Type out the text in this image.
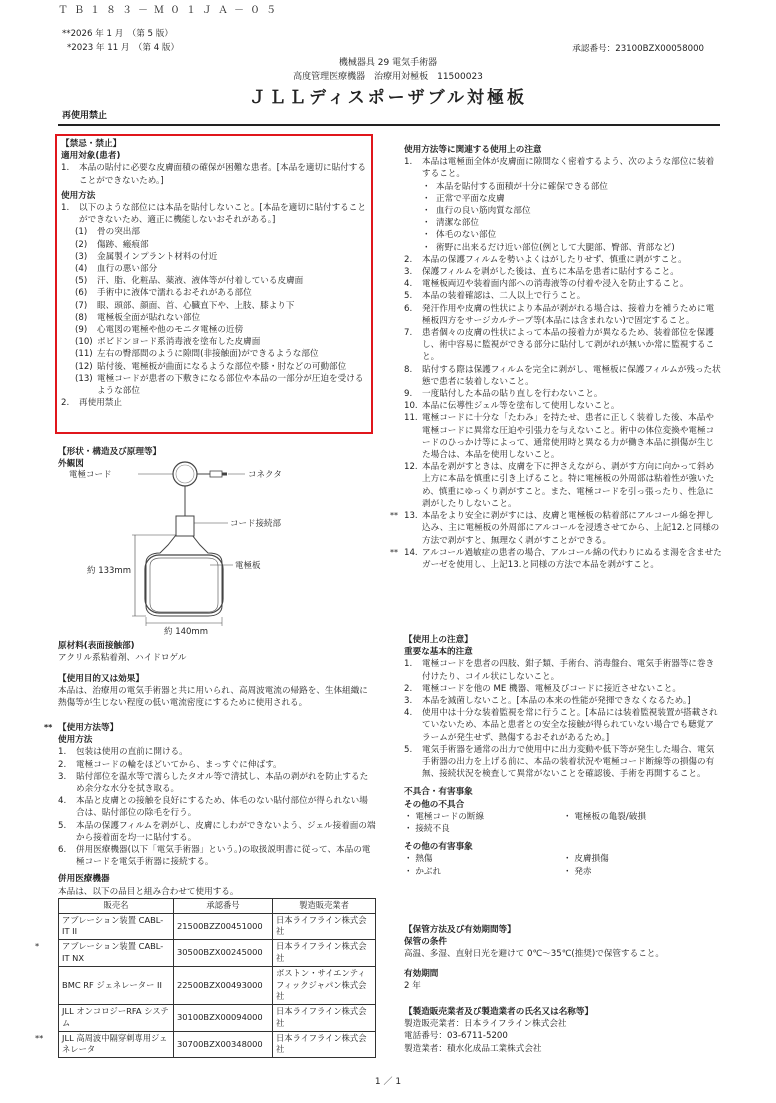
ＴＢ１８３－Ｍ０１ＪＡ－０５
**2026 年 1 月　 （第 5 版）
*2023 年 11 月　 （第 4 版）	承認番号：23100BZX00058000
機械器具 29 電気手術器
高度管理医療機器　治療用対極板　11500023
ＪＬＬディスポーザブル対極板
再使用禁止
【禁忌・禁止】
適用対象(患者)
1.	本品の貼付に必要な皮膚面積の確保が困難な患者。[本品を適切に貼付することができないため。]
使用方法
1.	以下のような部位には本品を貼付しないこと。[本品を適切に貼付することができないため、適正に機能しないおそれがある。]
(1)	骨の突出部
(2)	傷跡、瘢痕部
(3)	金属製インプラント材料の付近
(4)	血行の悪い部分
(5)	汗、脂、化粧品、薬液、液体等が付着している皮膚面
(6)	手術中に液体で濡れるおそれがある部位
(7)	眼、頭部、顔面、首、心臓直下や、上肢、膝より下
(8)	電極板全面が貼れない部位
(9)	心電図の電極や他のモニタ電極の近傍
(10) ポビドンヨード系消毒液を塗布した皮膚面
(11) 左右の臀部間のように隙間(非接触面)ができるような部位
(12) 貼付後、電極板が曲面になるような部位や膝・肘などの可動部位
(13) 電極コードが患者の下敷きになる部位や本品の一部分が圧迫を受けるような部位
2.	再使用禁止
【形状・構造及び原理等】
外観図
電極コード	コネクタ
コード接続部
電極板
約 133mm
約 140mm
原材料(表面接触部)
アクリル系粘着剤、ハイドロゲル
【使用目的又は効果】
本品は、治療用の電気手術器と共に用いられ、高周波電流の帰路を、生体組織に熱傷等が生じない程度の低い電流密度にするために使用される。
** 【使用方法等】
使用方法
1.	包装は使用の直前に開ける。
2.	電極コードの輪をほどいてから、まっすぐに伸ばす。
3.	貼付部位を温水等で濡らしたタオル等で清拭し、本品の剥がれを防止するため余分な水分を拭き取る。
4.	本品と皮膚との接触を良好にするため、体毛のない貼付部位が得られない場合は、貼付部位の除毛を行う。
5.	本品の保護フィルムを剥がし、皮膚にしわができないよう、ジェル接着面の端から接着面を均一に貼付する。
6.	併用医療機器(以下「電気手術器」という。)の取扱説明書に従って、本品の電極コードを電気手術器に接続する。
併用医療機器
本品は、以下の品目と組み合わせて使用する。
販売名	承認番号	製造販売業者
アブレーション装置 CABL-IT II	21500BZZ00451000	日本ライフライン株式会社

* アブレーション装置 CABL-IT NX	30500BZX00245000	日本ライフライン株式会社
BMC RF ジェネレーター II	22500BZX00493000	ボストン・サイエンティフィックジャパン株式会社
JLL オンコロジーRFA システム	30100BZX00094000	日本ライフライン株式会社

** JLL 高周波中隔穿刺専用ジェネレータ	30700BZX00348000	日本ライフライン株式会社
使用方法等に関連する使用上の注意
1.	本品は電極面全体が皮膚面に隙間なく密着するよう、次のような部位に装着すること。
・ 本品を貼付する面積が十分に確保できる部位
・ 正常で平面な皮膚
・ 血行の良い筋肉質な部位
・ 清潔な部位
・ 体毛のない部位
・ 術野に出来るだけ近い部位(例として大腿部、臀部、背部など)
2.	本品の保護フィルムを勢いよくはがしたりせず、慎重に剥がすこと。
3.	保護フィルムを剥がした後は、直ちに本品を患者に貼付すること。
4.	電極板両辺や装着面内部への消毒液等の付着や浸入を防止すること。
5.	本品の装着確認は、二人以上で行うこと。
6.	発汗作用や皮膚の性状により本品が剥がれる場合は、接着力を補うために電極板四方をサージカルテープ等(本品には含まれない)で固定すること。
7.	患者個々の皮膚の性状によって本品の接着力が異なるため、装着部位を保護し、術中容易に監視ができる部分に貼付して剥がれが無いか常に監視すること。
8.	貼付する際は保護フィルムを完全に剥がし、電極板に保護フィルムが残った状態で患者に装着しないこと。
9.	一度貼付した本品の貼り直しを行わないこと。
10. 本品に伝導性ジェル等を塗布して使用しないこと。
11. 電極コードに十分な「たわみ」を持たせ、患者に正しく装着した後、本品や電極コードに異常な圧迫や引張力を与えないこと。術中の体位変換や電極コードのひっかけ等によって、通常使用時と異なる力が働き本品に損傷が生じた場合は、本品を使用しないこと。
12. 本品を剥がすときは、皮膚を下に押さえながら、剥がす方向に向かって斜め上方に本品を慎重に引き上げること。特に電極板の外周部は粘着性が強いため、慎重にゆっくり剥がすこと。また、電極コードを引っ張ったり、性急に剥がしたりしないこと。
** 13. 本品をより安全に剥がすには、皮膚と電極板の粘着部にアルコール綿を押し込み、主に電極板の外周部にアルコールを浸透させてから、上記12.と同様の方法で剥がすと、無理なく剥がすことができる。
** 14. アルコール過敏症の患者の場合、アルコール綿の代わりにぬるま湯を含ませたガーゼを使用し、上記13.と同様の方法で本品を剥がすこと。
【使用上の注意】
重要な基本的注意
1.	電極コードを患者の四肢、鉗子類、手術台、消毒盤台、電気手術器等に巻き付けたり、コイル状にしないこと。
2.	電極コードを他の ME 機器、電極及びコードに接近させないこと。
3.	本品を減菌しないこと。[本品の本来の性能が発揮できなくなるため。]
4.	使用中は十分な装着監視を常に行うこと。[本品には装着監視装置が搭載されていないため、本品と患者との安全な接触が得られていない場合でも聴覚アラームが発生せず、熱傷するおそれがあるため。]
5.	電気手術器を通常の出力で使用中に出力変動や低下等が発生した場合、電気手術器の出力を上げる前に、本品の装着状況や電極コード断線等の損傷の有無、接続状況を検査して異常がないことを確認後、手術を再開すること。
不具合・有害事象
その他の不具合
・ 電極コードの断線
・ 接続不良
・ 電極板の亀裂/破損
その他の有害事象
・ 熱傷
・ かぶれ
・ 皮膚損傷
・ 発赤
【保管方法及び有効期間等】
保管の条件
高温、多湿、直射日光を避けて 0℃～35℃(推奨)で保管すること。
有効期間
2 年
【製造販売業者及び製造業者の氏名又は名称等】
製造販売業者：日本ライフライン株式会社
電話番号：03-6711-5200
製造業者：積水化成品工業株式会社
1 ／ 1
